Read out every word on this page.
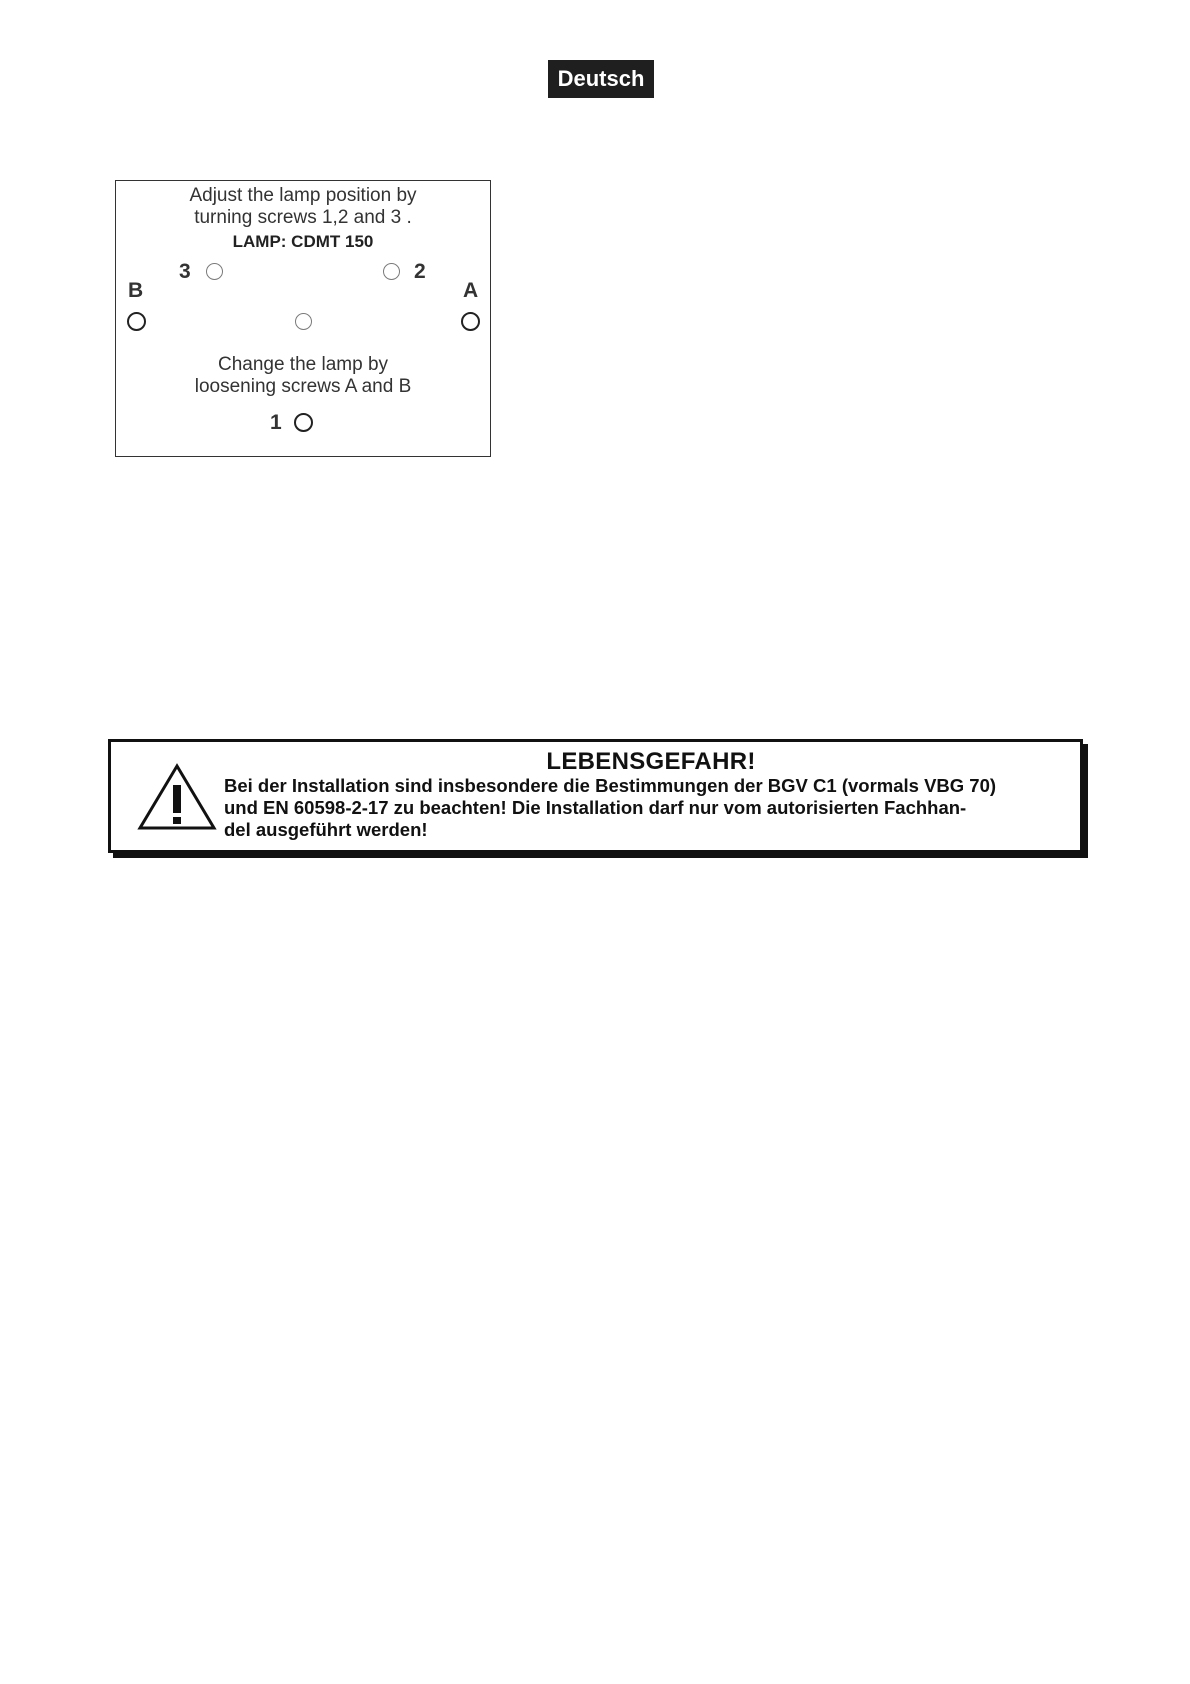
Deutsch
Adjust the lamp position by
turning screws 1,2 and 3 .
LAMP: CDMT 150
3	2
B	A
Change the lamp by
loosening screws A and B
1
LEBENSGEFAHR!
Bei der Installation sind insbesondere die Bestimmungen der BGV C1 (vormals VBG 70)
und EN 60598-2-17 zu beachten! Die Installation darf nur vom autorisierten Fachhan-
del ausgeführt werden!
